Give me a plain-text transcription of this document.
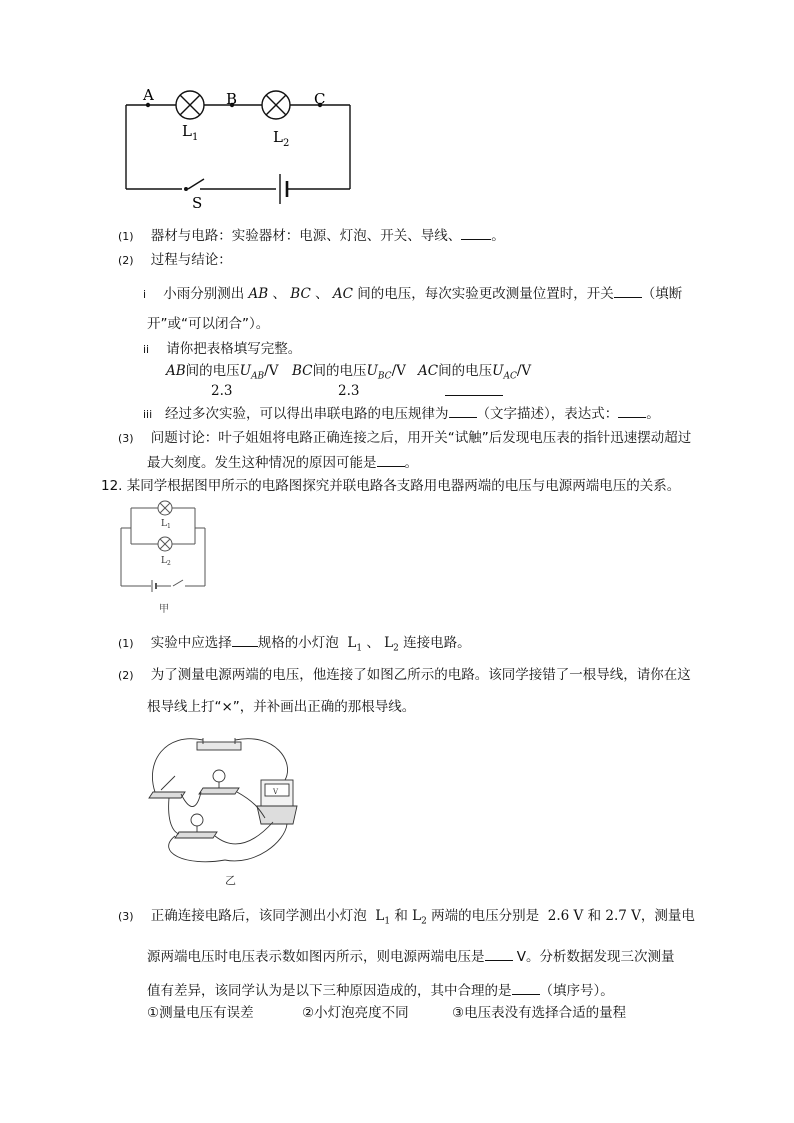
A	B	C
$L_1$	$L_2$
S
(1) 器材与电路：实验器材：电源、灯泡、开关、导线、 。
(2) 过程与结论：
i 小雨分别测出 AB 、 BC 、 AC 间的电压，每次实验更改测量位置时，开关 （填断
开”或“可以闭合”）。
ii 请你把表格填写完整。
AB间的电压$U_{AB}/V$ BC间的电压$U_{BC}/V$ AC间的电压$U_{AC}/V$
2.3	2.3
iii 经过多次实验，可以得出串联电路的电压规律为 （文字描述），表达式： 。
(3) 问题讨论：叶子姐姐将电路正确连接之后，用开关“试触”后发现电压表的指针迅速摆动超过
最大刻度。发生这种情况的原因可能是 。
12. 某同学根据图甲所示的电路图探究并联电路各支路用电器两端的电压与电源两端电压的关系。
$L_1$
$L_2$
甲
(1) 实验中应选择 规格的小灯泡 $L_1$ 、 $L_2$ 连接电路。
(2) 为了测量电源两端的电压，他连接了如图乙所示的电路。该同学接错了一根导线，请你在这
根导线上打“×”，并补画出正确的那根导线。
V
乙
(3) 正确连接电路后，该同学测出小灯泡 $L_1$ 和 $L_2$ 两端的电压分别是 2.6 V 和 2.7 V，测量电
源两端电压时电压表示数如图丙所示，则电源两端电压是 V。分析数据发现三次测量
值有差异，该同学认为是以下三种原因造成的，其中合理的是 （填序号）。
①测量电压有误差	②小灯泡亮度不同	③电压表没有选择合适的量程
